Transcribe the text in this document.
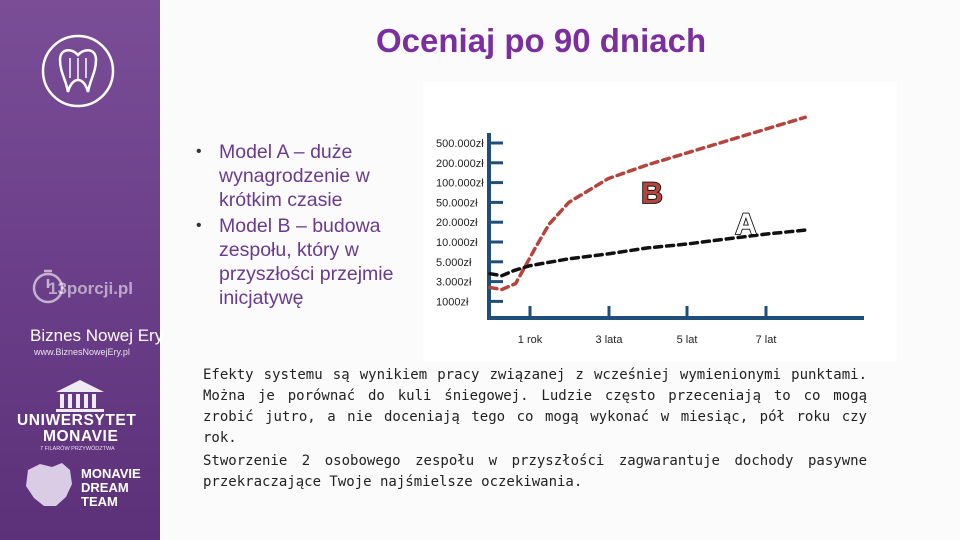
500.000zł
200.000zł
100.000zł
50.000zł
20.000zł
10.000zł
5.000zł
3.000zł
1000zł
1 rok	3 lata	5 lat	7 lat
B
A
Oceniaj po 90 dniach
• Model A – duże wynagrodzenie w krótkim czasie
• Model B – budowa zespołu, który w przyszłości przejmie inicjatywę

Efekty systemu są wynikiem pracy związanej z wcześniej wymienionymi punktami. Można je porównać do kuli śniegowej. Ludzie często przeceniają to co mogą zrobić jutro, a nie doceniają tego co mogą wykonać w miesiąc, pół roku czy rok.

Stworzenie 2 osobowego zespołu w przyszłości zagwarantuje dochody pasywne przekraczające Twoje najśmielsze oczekiwania.

13porcji.pl
Biznes Nowej Ery
www.BiznesNowejEry.pl
UNIWERSYTET
MONAVIE
7 FILARÓW PRZYWÓDZTWA
MONAVIE
DREAM
TEAM
